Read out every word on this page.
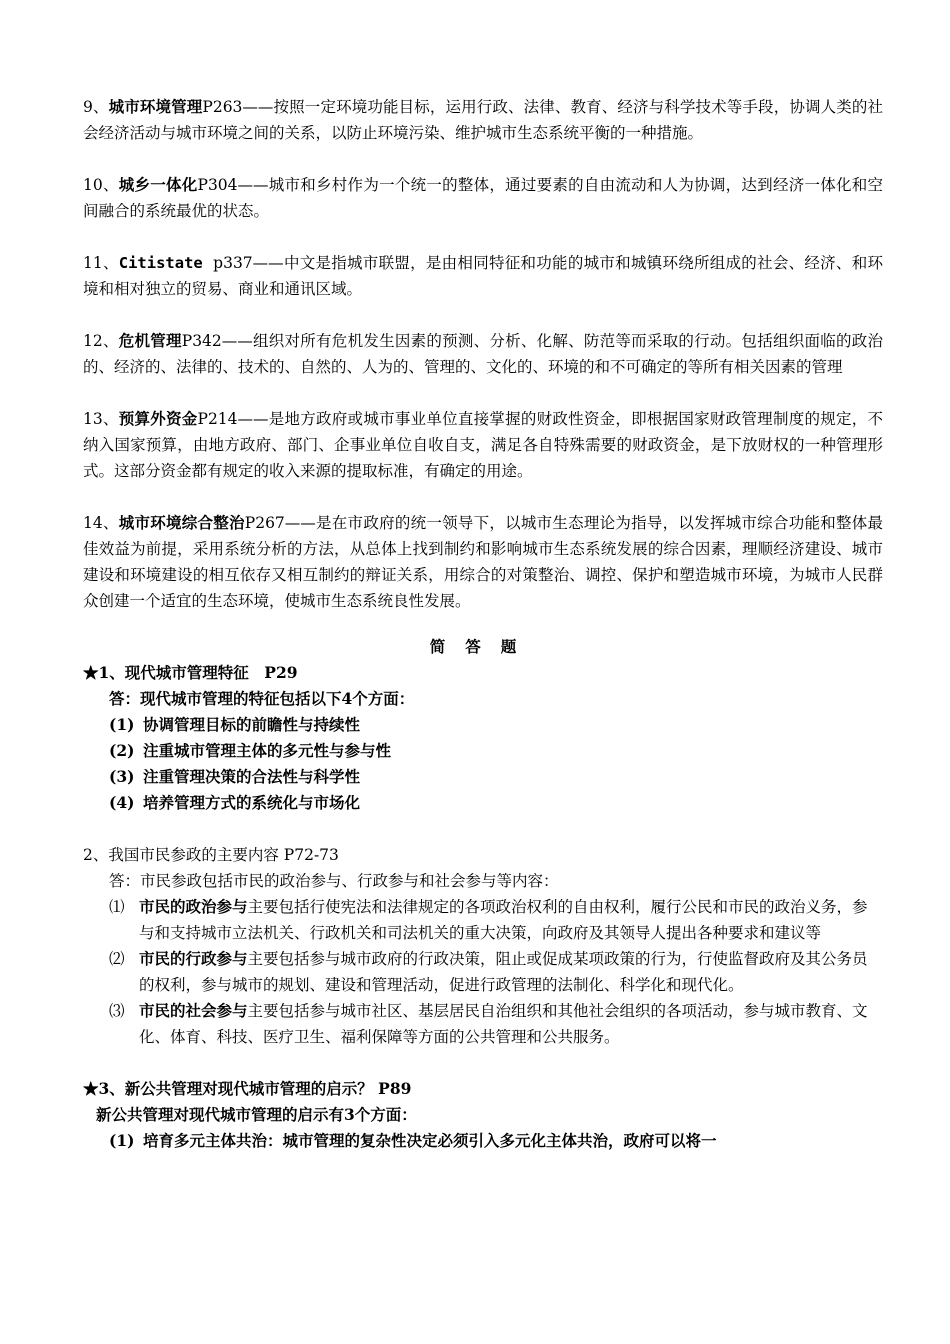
9、城市环境管理P263——按照一定环境功能目标，运用行政、法律、教育、经济与科学技术等手段，协调人类的社会经济活动与城市环境之间的关系，以防止环境污染、维护城市生态系统平衡的一种措施。

10、城乡一体化P304——城市和乡村作为一个统一的整体，通过要素的自由流动和人为协调，达到经济一体化和空间融合的系统最优的状态。

11、Citistate  p337——中文是指城市联盟，是由相同特征和功能的城市和城镇环绕所组成的社会、经济、和环境和相对独立的贸易、商业和通讯区域。

12、危机管理P342——组织对所有危机发生因素的预测、分析、化解、防范等而采取的行动。包括组织面临的政治的、经济的、法律的、技术的、自然的、人为的、管理的、文化的、环境的和不可确定的等所有相关因素的管理

13、预算外资金P214——是地方政府或城市事业单位直接掌握的财政性资金，即根据国家财政管理制度的规定，不纳入国家预算，由地方政府、部门、企事业单位自收自支，满足各自特殊需要的财政资金，是下放财权的一种管理形式。这部分资金都有规定的收入来源的提取标准，有确定的用途。

14、城市环境综合整治P267——是在市政府的统一领导下，以城市生态理论为指导，以发挥城市综合功能和整体最佳效益为前提，采用系统分析的方法，从总体上找到制约和影响城市生态系统发展的综合因素，理顺经济建设、城市建设和环境建设的相互依存又相互制约的辩证关系，用综合的对策整治、调控、保护和塑造城市环境，为城市人民群众创建一个适宜的生态环境，使城市生态系统良性发展。

简答题
★1、现代城市管理特征　P29
答：现代城市管理的特征包括以下4个方面：
(1) 协调管理目标的前瞻性与持续性
(2) 注重城市管理主体的多元性与参与性
(3) 注重管理决策的合法性与科学性
(4) 培养管理方式的系统化与市场化
2、我国市民参政的主要内容 P72-73
答：市民参政包括市民的政治参与、行政参与和社会参与等内容：
⑴ 市民的政治参与主要包括行使宪法和法律规定的各项政治权利的自由权利，履行公民和市民的政治义务，参与和支持城市立法机关、行政机关和司法机关的重大决策，向政府及其领导人提出各种要求和建议等
⑵ 市民的行政参与主要包括参与城市政府的行政决策，阻止或促成某项政策的行为，行使监督政府及其公务员的权利，参与城市的规划、建设和管理活动，促进行政管理的法制化、科学化和现代化。
⑶ 市民的社会参与主要包括参与城市社区、基层居民自治组织和其他社会组织的各项活动，参与城市教育、文化、体育、科技、医疗卫生、福利保障等方面的公共管理和公共服务。
★3、新公共管理对现代城市管理的启示？ P89
新公共管理对现代城市管理的启示有3个方面：
(1) 培育多元主体共治：城市管理的复杂性决定必须引入多元化主体共治，政府可以将一
